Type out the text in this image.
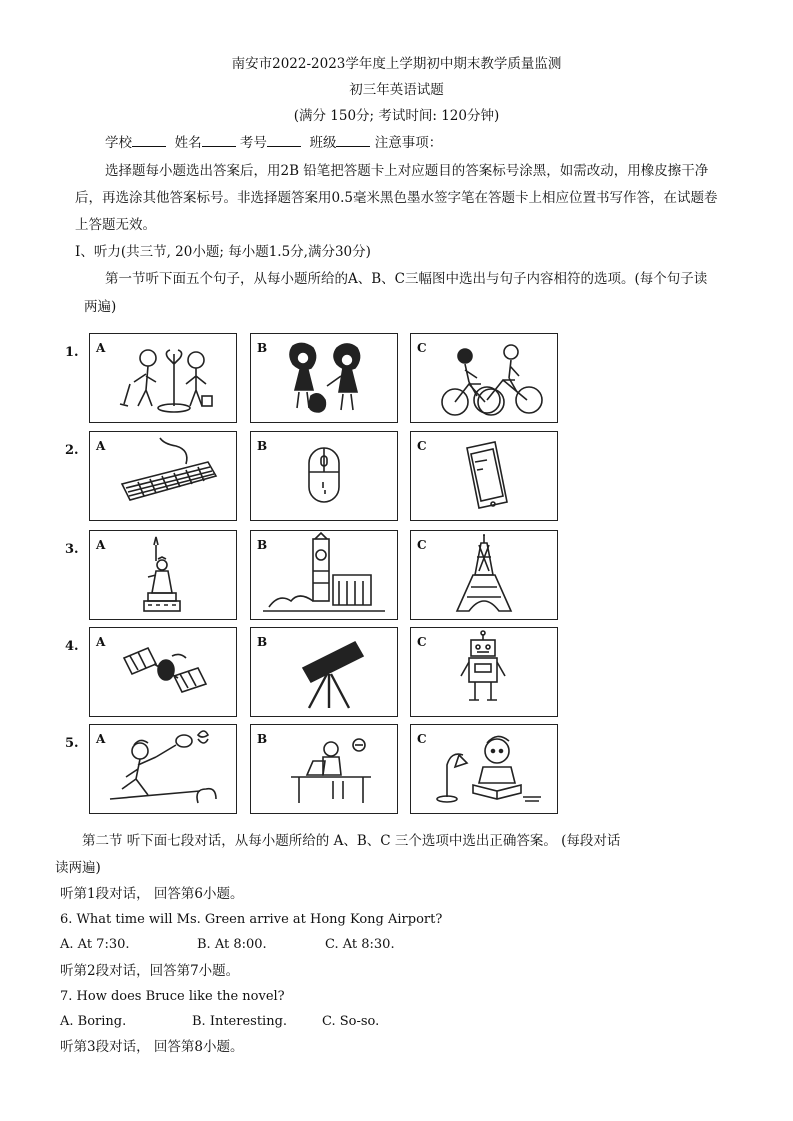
南安市2022-2023学年度上学期初中期末教学质量监测
初三年英语试题
(满分 150分; 考试时间: 120分钟)
学校	姓名	考号	班级	注意事项：
选择题每小题选出答案后，用2B 铅笔把答题卡上对应题目的答案标号涂黑，如需改动，用橡皮擦干净
后，再选涂其他答案标号。非选择题答案用0.5毫米黑色墨水签字笔在答题卡上相应位置书写作答，在试题卷
上答题无效。
Ⅰ、听力(共三节, 20小题; 每小题1.5分,满分30分)
第一节听下面五个句子，从每小题所给的A、B、C三幅图中选出与句子内容相符的选项。(每个句子读
两遍)
1. A	B	C
2. A	B	C
3. A	B	C
4. A	B	C
5. A	B	C
第二节 听下面七段对话，从每小题所给的 A、B、C 三个选项中选出正确答案。 (每段对话
读两遍)
听第1段对话， 回答第6小题。
6. What time will Ms. Green arrive at Hong Kong Airport?
A. At 7:30.	B. At 8:00.	C. At 8:30.
听第2段对话，回答第7小题。
7. How does Bruce like the novel?
A. Boring.	B. Interesting.	C. So-so.
听第3段对话， 回答第8小题。
